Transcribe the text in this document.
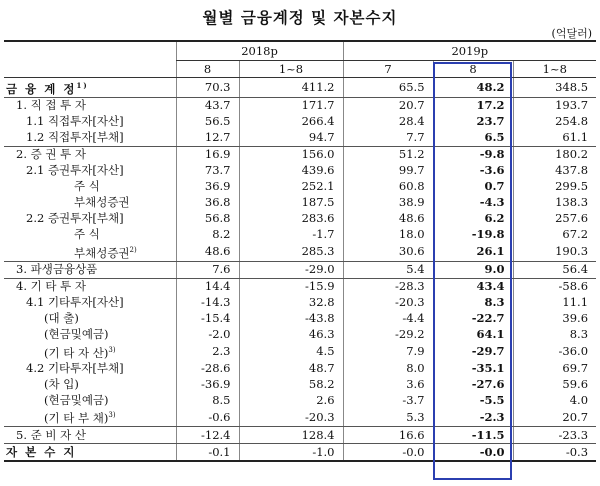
월별 금융계정 및 자본수지
(억달러)
	2018p		2019p		
	8	1~8	7	8	1~8
금 융 계 정$^{1)}$	70.3	411.2	65.5	48.2	348.5
1. 직 접 투 자	43.7	171.7	20.7	17.2	193.7
1.1 직접투자[자산]	56.5	266.4	28.4	23.7	254.8
1.2 직접투자[부채]	12.7	94.7	7.7	6.5	61.1
2. 증 권 투 자	16.9	156.0	51.2	-9.8	180.2
2.1 증권투자[자산]	73.7	439.6	99.7	-3.6	437.8
주 식	36.9	252.1	60.8	0.7	299.5
부채성증권	36.8	187.5	38.9	-4.3	138.3
2.2 증권투자[부채]	56.8	283.6	48.6	6.2	257.6
주 식	8.2	-1.7	18.0	-19.8	67.2
부채성증권$^{2)}$	48.6	285.3	30.6	26.1	190.3
3. 파생금융상품	7.6	-29.0	5.4	9.0	56.4
4. 기 타 투 자	14.4	-15.9	-28.3	43.4	-58.6
4.1 기타투자[자산]	-14.3	32.8	-20.3	8.3	11.1
(대 출)	-15.4	-43.8	-4.4	-22.7	39.6
(현금및예금)	-2.0	46.3	-29.2	64.1	8.3
(기 타 자 산)$^{3)}$	2.3	4.5	7.9	-29.7	-36.0
4.2 기타투자[부채]	-28.6	48.7	8.0	-35.1	69.7
(차 입)	-36.9	58.2	3.6	-27.6	59.6
(현금및예금)	8.5	2.6	-3.7	-5.5	4.0
(기 타 부 채)$^{3)}$	-0.6	-20.3	5.3	-2.3	20.7
5. 준 비 자 산	-12.4	128.4	16.6	-11.5	-23.3
자 본 수 지	-0.1	-1.0	-0.0	-0.0	-0.3
